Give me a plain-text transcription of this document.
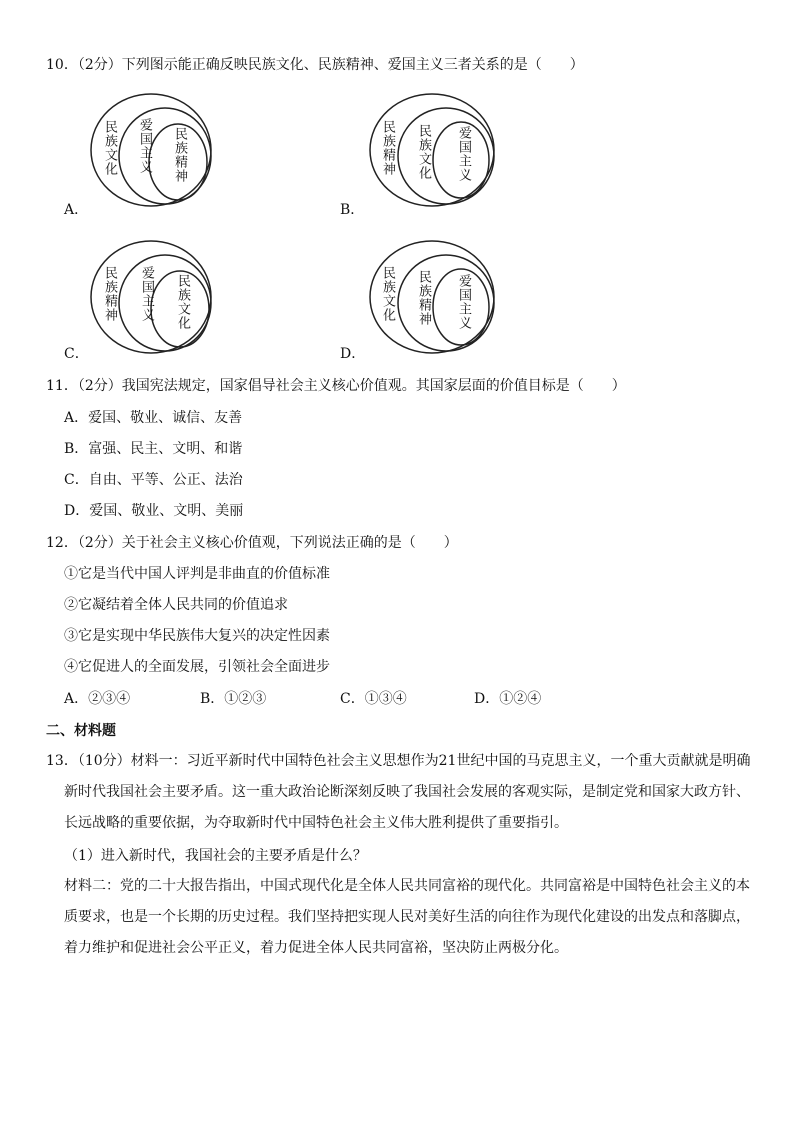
10．（2分）下列图示能正确反映民族文化、民族精神、爱国主义三者关系的是（　　）
民族文化 爱国主义 民族精神
A．
民族精神 民族文化 爱国主义
B．
民族精神 爱国主义 民族文化
C．
民族文化 民族精神 爱国主义
D．
11．（2分）我国宪法规定，国家倡导社会主义核心价值观。其国家层面的价值目标是（　　）
A．爱国、敬业、诚信、友善
B．富强、民主、文明、和谐
C．自由、平等、公正、法治
D．爱国、敬业、文明、美丽
12．（2分）关于社会主义核心价值观，下列说法正确的是（　　）
①它是当代中国人评判是非曲直的价值标准
②它凝结着全体人民共同的价值追求
③它是实现中华民族伟大复兴的决定性因素
④它促进人的全面发展，引领社会全面进步
A．②③④	B．①②③	C．①③④	D．①②④
二、材料题
13．（10分）材料一：习近平新时代中国特色社会主义思想作为21世纪中国的马克思主义，一个重大贡献就是明确新时代我国社会主要矛盾。这一重大政治论断深刻反映了我国社会发展的客观实际，是制定党和国家大政方针、长远战略的重要依据，为夺取新时代中国特色社会主义伟大胜利提供了重要指引。
（1）进入新时代，我国社会的主要矛盾是什么？
材料二：党的二十大报告指出，中国式现代化是全体人民共同富裕的现代化。共同富裕是中国特色社会主义的本质要求，也是一个长期的历史过程。我们坚持把实现人民对美好生活的向往作为现代化建设的出发点和落脚点，着力维护和促进社会公平正义，着力促进全体人民共同富裕，坚决防止两极分化。
